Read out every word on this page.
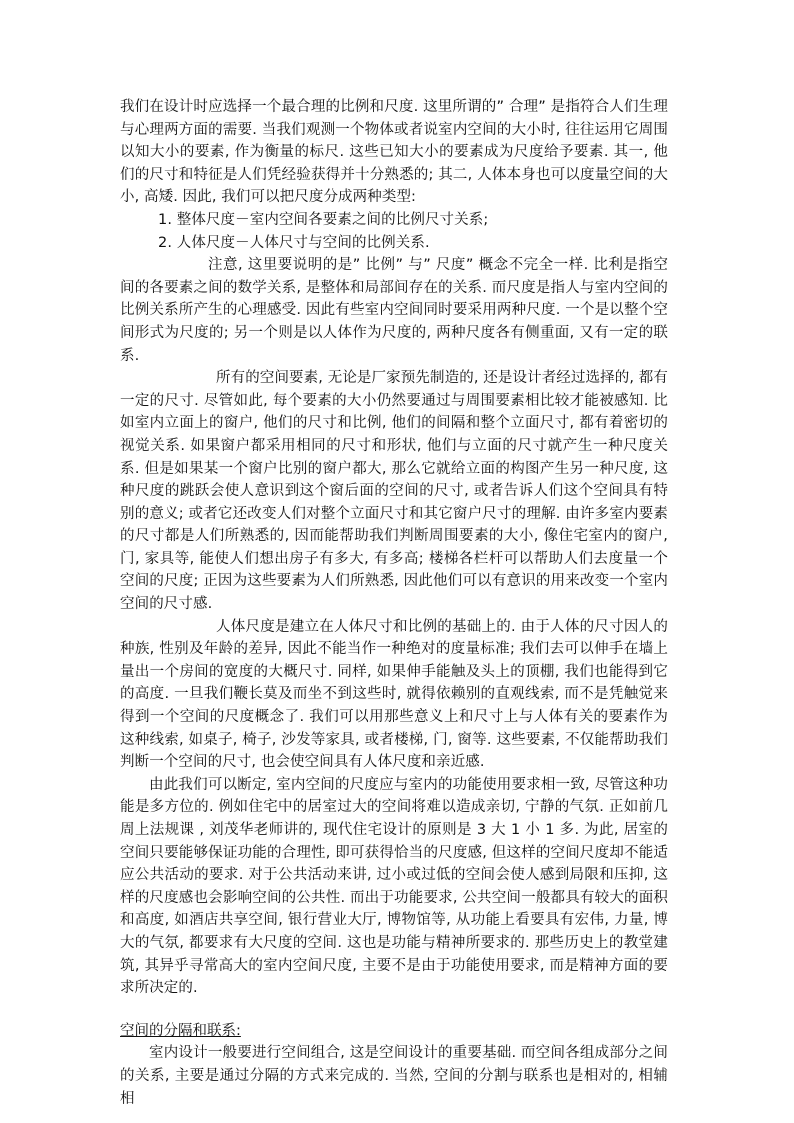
我们在设计时应选择一个最合理的比例和尺度. 这里所谓的” 合理” 是指符合人们生理与心理两方面的需要. 当我们观测一个物体或者说室内空间的大小时, 往往运用它周围以知大小的要素, 作为衡量的标尺. 这些已知大小的要素成为尺度给予要素. 其一, 他们的尺寸和特征是人们凭经验获得并十分熟悉的; 其二, 人体本身也可以度量空间的大小, 高矮. 因此, 我们可以把尺度分成两种类型:

1. 整体尺度－室内空间各要素之间的比例尺寸关系;

2. 人体尺度－人体尺寸与空间的比例关系.

注意, 这里要说明的是” 比例” 与” 尺度” 概念不完全一样. 比利是指空间的各要素之间的数学关系, 是整体和局部间存在的关系. 而尺度是指人与室内空间的比例关系所产生的心理感受. 因此有些室内空间同时要采用两种尺度. 一个是以整个空间形式为尺度的; 另一个则是以人体作为尺度的, 两种尺度各有侧重面, 又有一定的联系.

所有的空间要素, 无论是厂家预先制造的, 还是设计者经过选择的, 都有一定的尺寸. 尽管如此, 每个要素的大小仍然要通过与周围要素相比较才能被感知. 比如室内立面上的窗户, 他们的尺寸和比例, 他们的间隔和整个立面尺寸, 都有着密切的视觉关系. 如果窗户都采用相同的尺寸和形状, 他们与立面的尺寸就产生一种尺度关系. 但是如果某一个窗户比别的窗户都大, 那么它就给立面的构图产生另一种尺度, 这种尺度的跳跃会使人意识到这个窗后面的空间的尺寸, 或者告诉人们这个空间具有特别的意义; 或者它还改变人们对整个立面尺寸和其它窗户尺寸的理解. 由许多室内要素的尺寸都是人们所熟悉的, 因而能帮助我们判断周围要素的大小, 像住宅室内的窗户, 门, 家具等, 能使人们想出房子有多大, 有多高; 楼梯各栏杆可以帮助人们去度量一个空间的尺度; 正因为这些要素为人们所熟悉, 因此他们可以有意识的用来改变一个室内空间的尺寸感.

人体尺度是建立在人体尺寸和比例的基础上的. 由于人体的尺寸因人的种族, 性别及年龄的差异, 因此不能当作一种绝对的度量标准; 我们去可以伸手在墙上量出一个房间的宽度的大概尺寸. 同样, 如果伸手能触及头上的顶棚, 我们也能得到它的高度. 一旦我们鞭长莫及而坐不到这些时, 就得依赖别的直观线索, 而不是凭触觉来得到一个空间的尺度概念了. 我们可以用那些意义上和尺寸上与人体有关的要素作为这种线索, 如桌子, 椅子, 沙发等家具, 或者楼梯, 门, 窗等. 这些要素, 不仅能帮助我们判断一个空间的尺寸, 也会使空间具有人体尺度和亲近感.

由此我们可以断定, 室内空间的尺度应与室内的功能使用要求相一致, 尽管这种功能是多方位的. 例如住宅中的居室过大的空间将难以造成亲切, 宁静的气氛. 正如前几周上法规课 , 刘茂华老师讲的, 现代住宅设计的原则是 3 大 1 小 1 多. 为此, 居室的空间只要能够保证功能的合理性, 即可获得恰当的尺度感, 但这样的空间尺度却不能适应公共活动的要求. 对于公共活动来讲, 过小或过低的空间会使人感到局限和压抑, 这样的尺度感也会影响空间的公共性. 而出于功能要求, 公共空间一般都具有较大的面积和高度, 如酒店共享空间, 银行营业大厅, 博物馆等, 从功能上看要具有宏伟, 力量, 博大的气氛, 都要求有大尺度的空间. 这也是功能与精神所要求的. 那些历史上的教堂建筑, 其异乎寻常高大的室内空间尺度, 主要不是由于功能使用要求, 而是精神方面的要求所决定的.

空间的分隔和联系:

室内设计一般要进行空间组合, 这是空间设计的重要基础. 而空间各组成部分之间的关系, 主要是通过分隔的方式来完成的. 当然, 空间的分割与联系也是相对的, 相辅相
